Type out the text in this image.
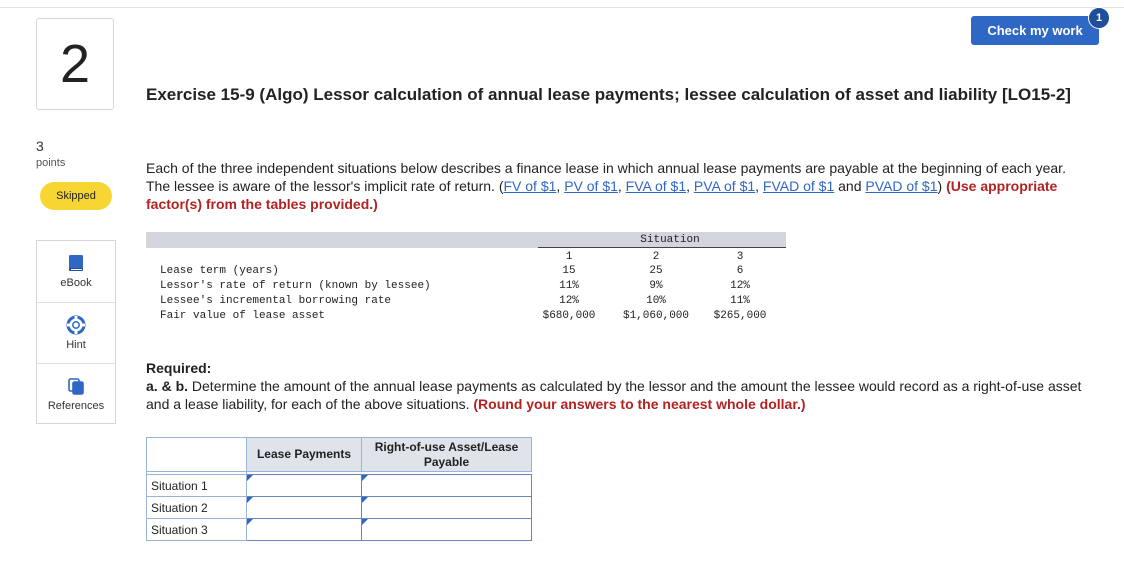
2
3
points
Skipped
eBook
Hint
References
Check my work
1
Exercise 15-9 (Algo) Lessor calculation of annual lease payments; lessee calculation of asset and liability [LO15-2]
Each of the three independent situations below describes a finance lease in which annual lease payments are payable at the beginning of each year. The lessee is aware of the lessor's implicit rate of return. (FV of $1, PV of $1, FVA of $1, PVA of $1, FVAD of $1 and PVAD of $1) (Use appropriate factor(s) from the tables provided.)
Situation
1	2	3
Lease term (years)	15	25	6
Lessor's rate of return (known by lessee)	11%	9%	12%
Lessee's incremental borrowing rate	12%	10%	11%
Fair value of lease asset	$680,000	$1,060,000	$265,000
Required:
a. & b. Determine the amount of the annual lease payments as calculated by the lessor and the amount the lessee would record as a right-of-use asset and a lease liability, for each of the above situations. (Round your answers to the nearest whole dollar.)
	Lease Payments	Right-of-use Asset/Lease Payable

Situation 1		
Situation 2		
Situation 3		
